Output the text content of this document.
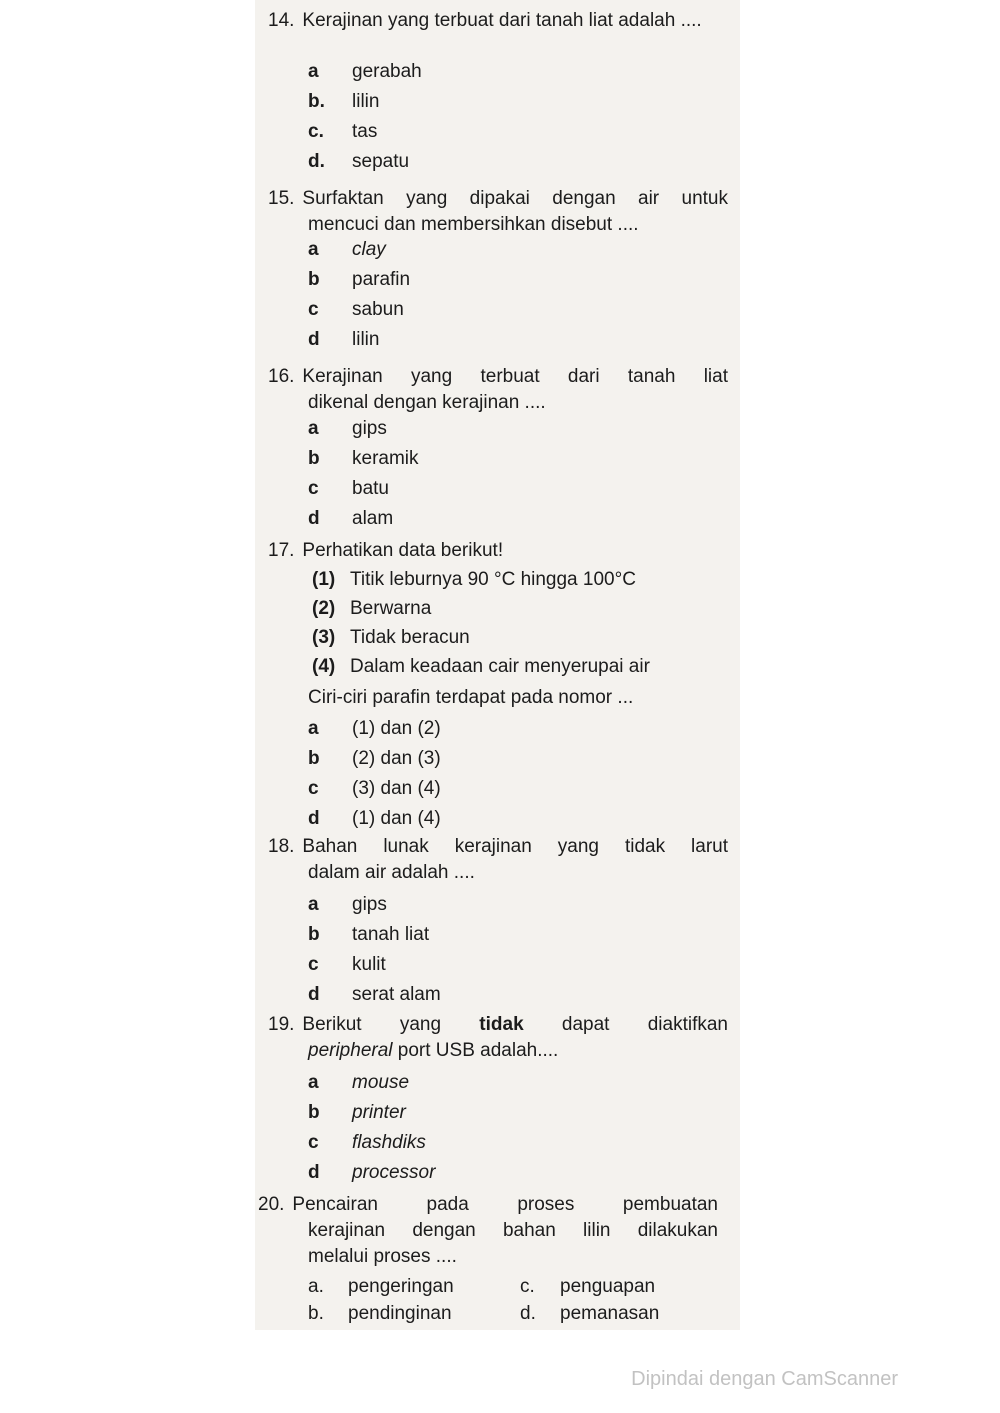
14. Kerajinan yang terbuat dari tanah liat adalah ....
a gerabah
b. lilin
c. tas
d. sepatu
15. Surfaktan yang dipakai dengan air untuk
mencuci dan membersihkan disebut ....
a clay
b parafin
c sabun
d lilin
16. Kerajinan yang terbuat dari tanah liat
dikenal dengan kerajinan ....
a gips
b keramik
c batu
d alam
17. Perhatikan data berikut!
(1) Titik leburnya 90 °C hingga 100°C
(2) Berwarna
(3) Tidak beracun
(4) Dalam keadaan cair menyerupai air
Ciri-ciri parafin terdapat pada nomor ...
a (1) dan (2)
b (2) dan (3)
c (3) dan (4)
d (1) dan (4)
18. Bahan lunak kerajinan yang tidak larut
dalam air adalah ....
a gips
b tanah liat
c kulit
d serat alam
19. Berikut yang tidak dapat diaktifkan
peripheral port USB adalah....
a mouse
b printer
c flashdiks
d processor
20. Pencairan pada proses pembuatan
kerajinan dengan bahan lilin dilakukan
melalui proses ....
a. pengeringan	c. penguapan
b. pendinginan	d. pemanasan
Dipindai dengan CamScanner
